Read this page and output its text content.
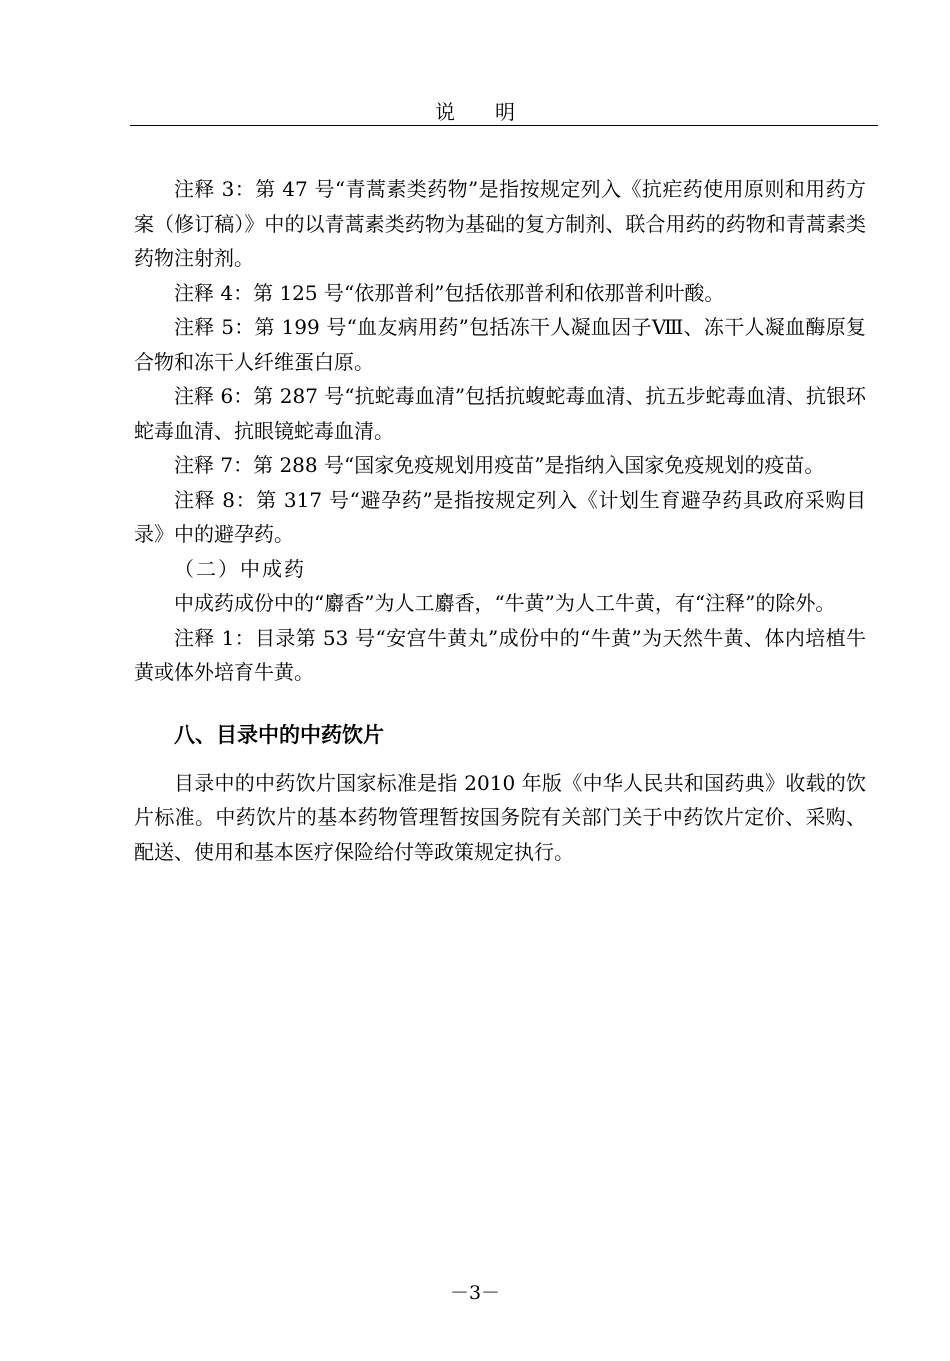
说　　明

注释 3：第 47 号“青蒿素类药物”是指按规定列入《抗疟药使用原则和用药方案（修订稿）》中的以青蒿素类药物为基础的复方制剂、联合用药的药物和青蒿素类药物注射剂。

注释 4：第 125 号“依那普利”包括依那普利和依那普利叶酸。

注释 5：第 199 号“血友病用药”包括冻干人凝血因子Ⅷ、冻干人凝血酶原复合物和冻干人纤维蛋白原。

注释 6：第 287 号“抗蛇毒血清”包括抗蝮蛇毒血清、抗五步蛇毒血清、抗银环蛇毒血清、抗眼镜蛇毒血清。

注释 7：第 288 号“国家免疫规划用疫苗”是指纳入国家免疫规划的疫苗。

注释 8：第 317 号“避孕药”是指按规定列入《计划生育避孕药具政府采购目录》中的避孕药。

（二）中成药

中成药成份中的“麝香”为人工麝香，“牛黄”为人工牛黄，有“注释”的除外。

注释 1：目录第 53 号“安宫牛黄丸”成份中的“牛黄”为天然牛黄、体内培植牛黄或体外培育牛黄。

八、目录中的中药饮片

目录中的中药饮片国家标准是指 2010 年版《中华人民共和国药典》收载的饮片标准。中药饮片的基本药物管理暂按国务院有关部门关于中药饮片定价、采购、配送、使用和基本医疗保险给付等政策规定执行。

－3－
